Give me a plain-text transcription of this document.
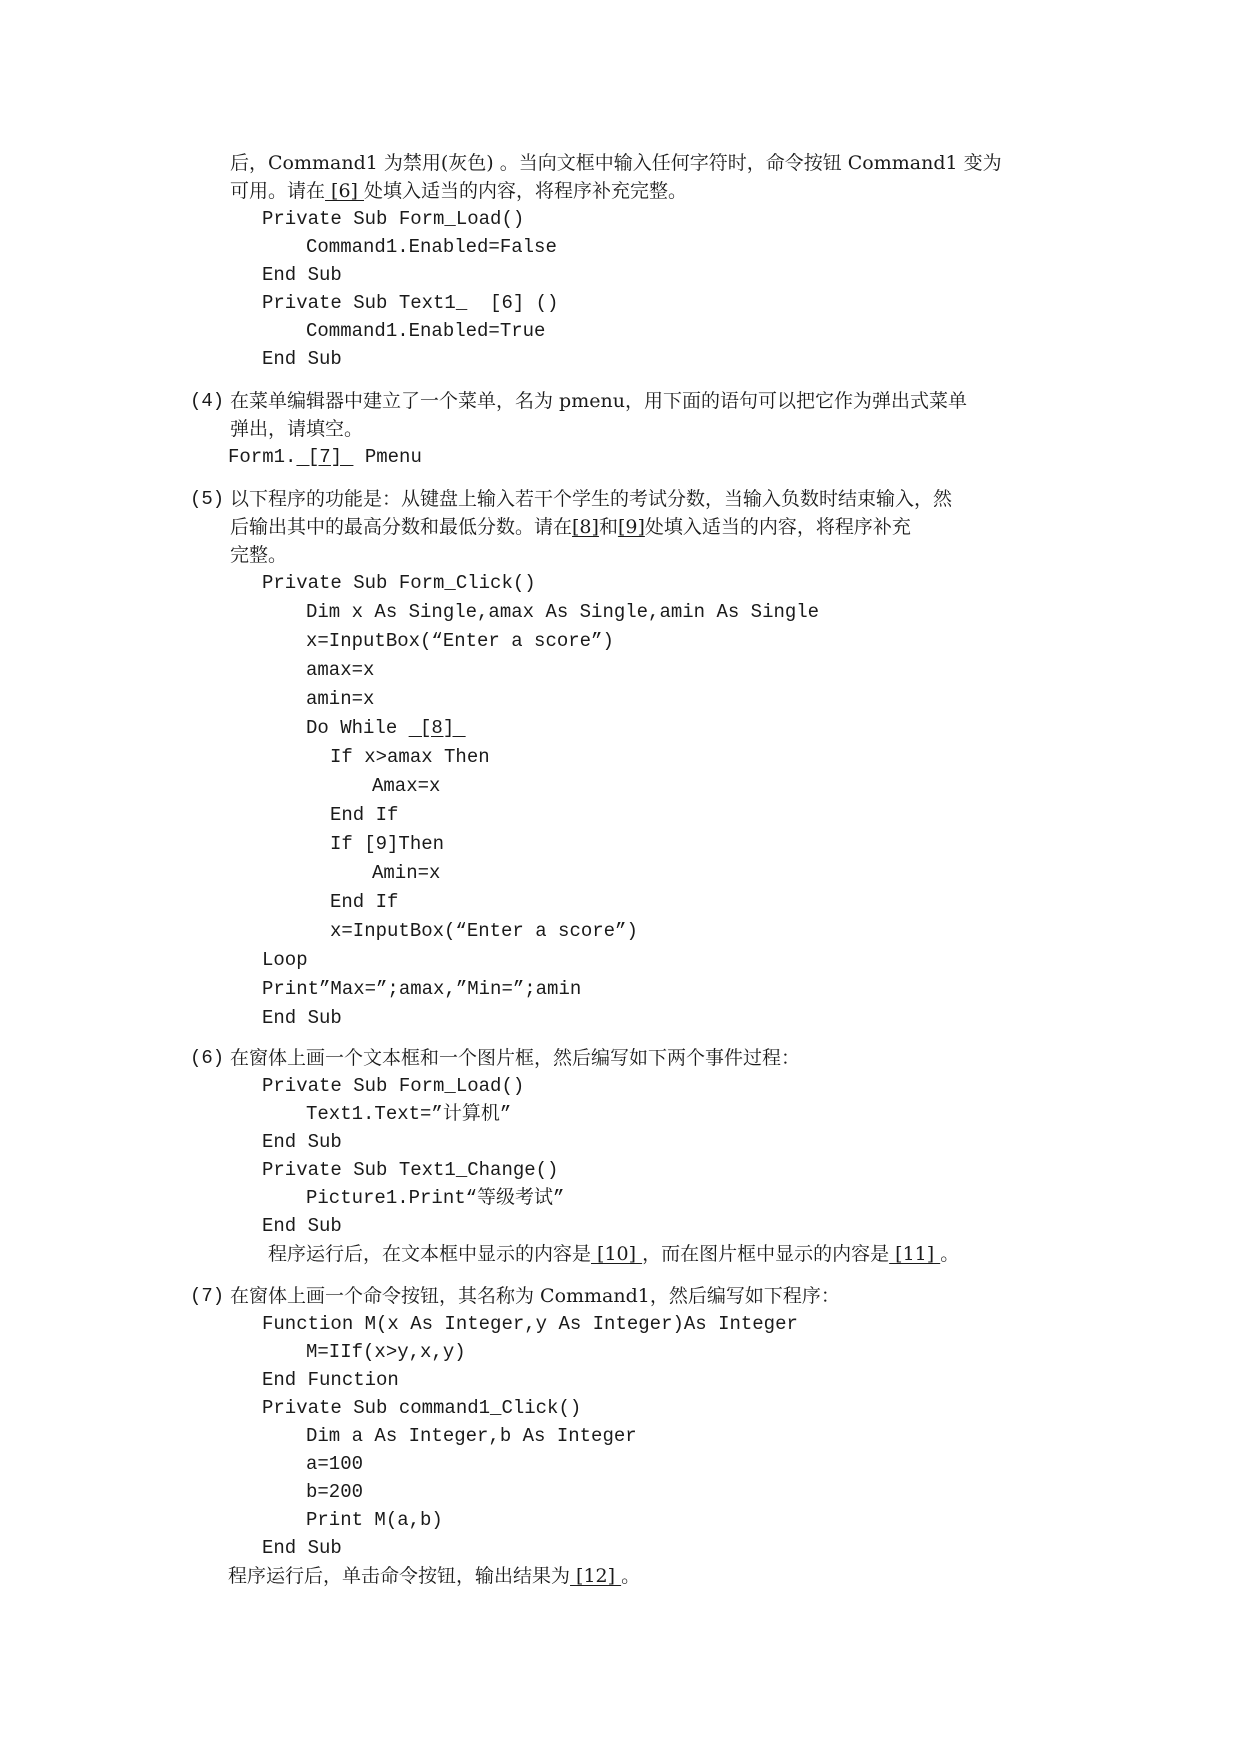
后，Command1 为禁用(灰色) 。当向文框中输入任何字符时，命令按钮 Command1 变为
可用。请在 [6] 处填入适当的内容，将程序补充完整。
Private Sub Form_Load()
Command1.Enabled=False
End Sub
Private Sub Text1_  [6] ()
Command1.Enabled=True
End Sub
(4) 在菜单编辑器中建立了一个菜单，名为 pmenu，用下面的语句可以把它作为弹出式菜单
弹出，请填空。
Form1. [7]  Pmenu
(5) 以下程序的功能是：从键盘上输入若干个学生的考试分数，当输入负数时结束输入，然
后输出其中的最高分数和最低分数。请在[8]和[9]处填入适当的内容，将程序补充
完整。
Private Sub Form_Click()
Dim x As Single,amax As Single,amin As Single
x=InputBox(“Enter a score”)
amax=x
amin=x
Do While  [8]
If x>amax Then
Amax=x
End If
If [9]Then
Amin=x
End If
x=InputBox(“Enter a score”)
Loop
Print”Max=”;amax,”Min=”;amin
End Sub
(6) 在窗体上画一个文本框和一个图片框，然后编写如下两个事件过程：
Private Sub Form_Load()
Text1.Text=”计算机”
End Sub
Private Sub Text1_Change()
Picture1.Print“等级考试”
End Sub
程序运行后，在文本框中显示的内容是 [10] ，而在图片框中显示的内容是 [11] 。
(7) 在窗体上画一个命令按钮，其名称为 Command1，然后编写如下程序：
Function M(x As Integer,y As Integer)As Integer
M=IIf(x>y,x,y)
End Function
Private Sub command1_Click()
Dim a As Integer,b As Integer
a=100
b=200
Print M(a,b)
End Sub
程序运行后，单击命令按钮，输出结果为 [12] 。
